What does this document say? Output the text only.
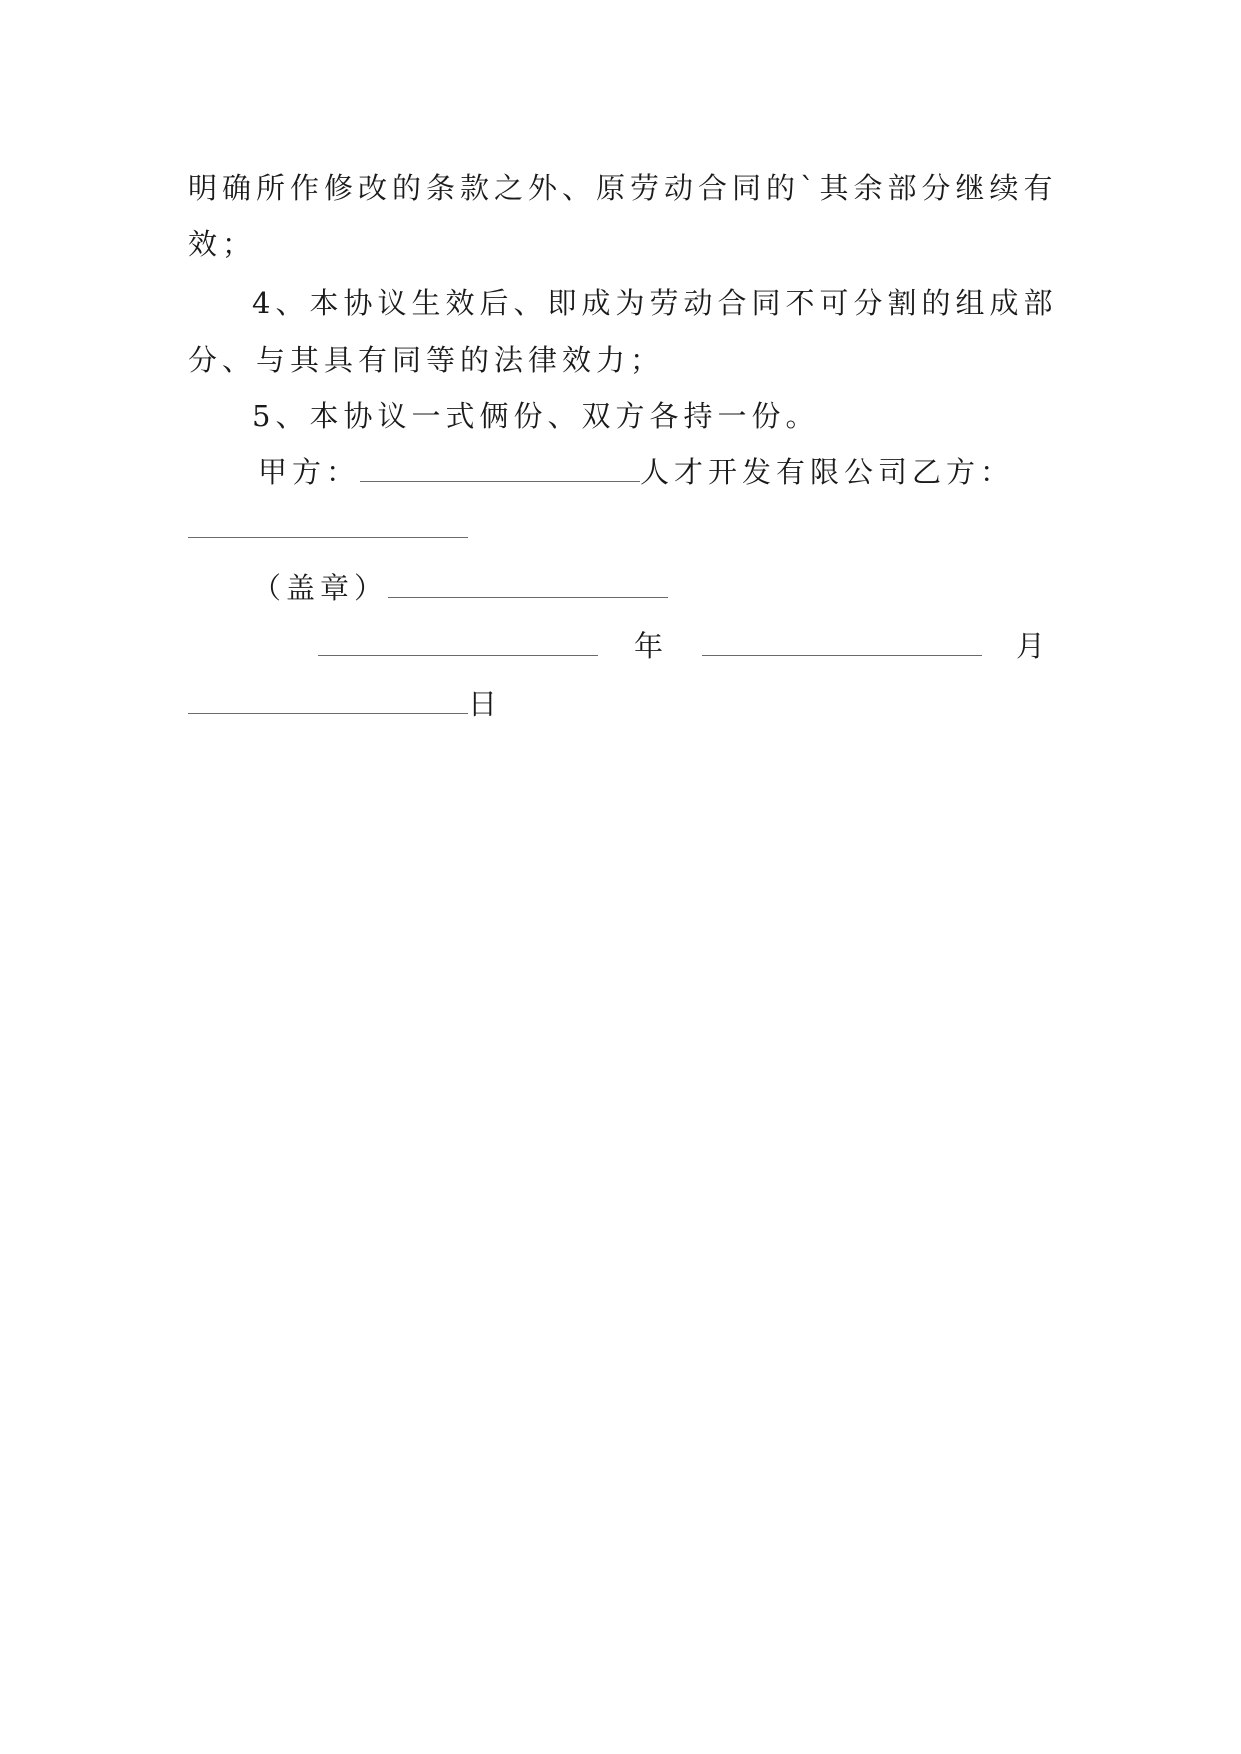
明确所作修改的条款之外、原劳动合同的`其余部分继续有
效；
4、本协议生效后、即成为劳动合同不可分割的组成部
分、与其具有同等的法律效力；
5、本协议一式俩份、双方各持一份。
甲方：	人才开发有限公司乙方：
（盖章）
年	月
日
